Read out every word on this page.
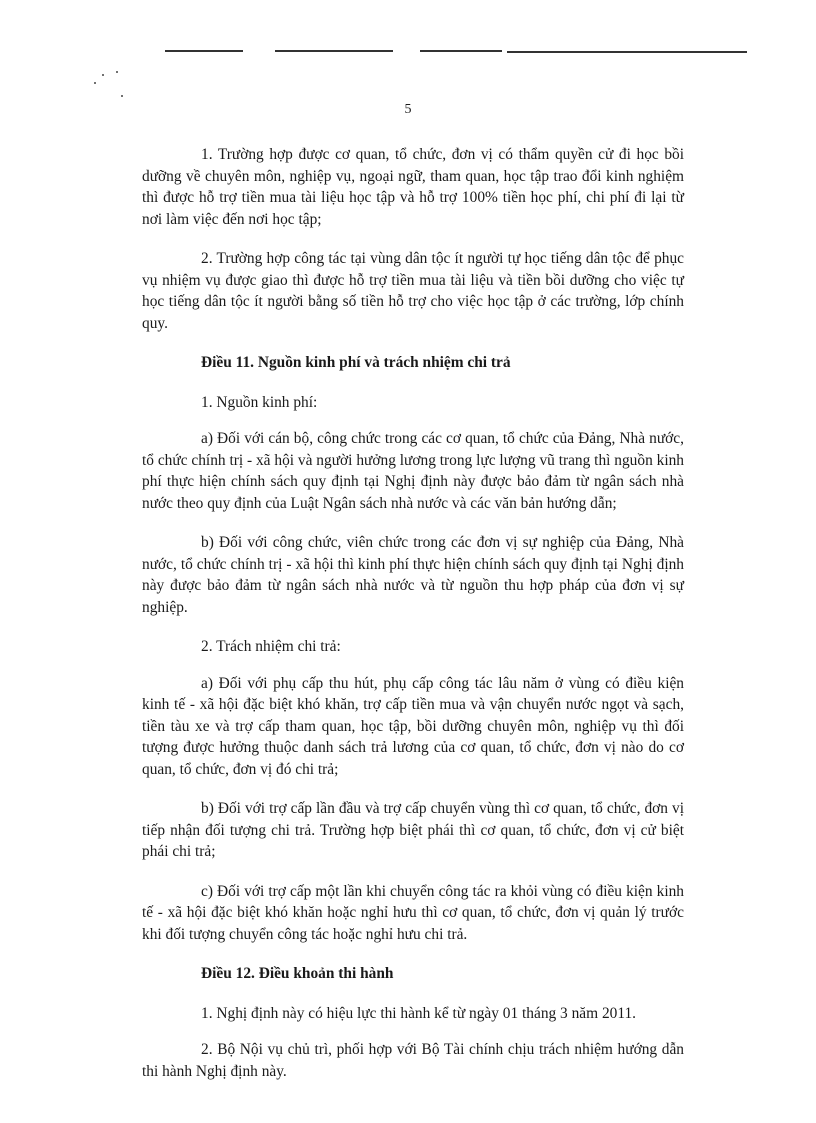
5

1. Trường hợp được cơ quan, tổ chức, đơn vị có thẩm quyền cử đi học bồi dưỡng về chuyên môn, nghiệp vụ, ngoại ngữ, tham quan, học tập trao đổi kinh nghiệm thì được hỗ trợ tiền mua tài liệu học tập và hỗ trợ 100% tiền học phí, chi phí đi lại từ nơi làm việc đến nơi học tập;

2. Trường hợp công tác tại vùng dân tộc ít người tự học tiếng dân tộc để phục vụ nhiệm vụ được giao thì được hỗ trợ tiền mua tài liệu và tiền bồi dưỡng cho việc tự học tiếng dân tộc ít người bằng số tiền hỗ trợ cho việc học tập ở các trường, lớp chính quy.

Điều 11. Nguồn kinh phí và trách nhiệm chi trả

1. Nguồn kinh phí:

a) Đối với cán bộ, công chức trong các cơ quan, tổ chức của Đảng, Nhà nước, tổ chức chính trị - xã hội và người hưởng lương trong lực lượng vũ trang thì nguồn kinh phí thực hiện chính sách quy định tại Nghị định này được bảo đảm từ ngân sách nhà nước theo quy định của Luật Ngân sách nhà nước và các văn bản hướng dẫn;

b) Đối với công chức, viên chức trong các đơn vị sự nghiệp của Đảng, Nhà nước, tổ chức chính trị - xã hội thì kinh phí thực hiện chính sách quy định tại Nghị định này được bảo đảm từ ngân sách nhà nước và từ nguồn thu hợp pháp của đơn vị sự nghiệp.

2. Trách nhiệm chi trả:

a) Đối với phụ cấp thu hút, phụ cấp công tác lâu năm ở vùng có điều kiện kinh tế - xã hội đặc biệt khó khăn, trợ cấp tiền mua và vận chuyển nước ngọt và sạch, tiền tàu xe và trợ cấp tham quan, học tập, bồi dưỡng chuyên môn, nghiệp vụ thì đối tượng được hưởng thuộc danh sách trả lương của cơ quan, tổ chức, đơn vị nào do cơ quan, tổ chức, đơn vị đó chi trả;

b) Đối với trợ cấp lần đầu và trợ cấp chuyển vùng thì cơ quan, tổ chức, đơn vị tiếp nhận đối tượng chi trả. Trường hợp biệt phái thì cơ quan, tổ chức, đơn vị cử biệt phái chi trả;

c) Đối với trợ cấp một lần khi chuyển công tác ra khỏi vùng có điều kiện kinh tế - xã hội đặc biệt khó khăn hoặc nghỉ hưu thì cơ quan, tổ chức, đơn vị quản lý trước khi đối tượng chuyển công tác hoặc nghỉ hưu chi trả.

Điều 12. Điều khoản thi hành

1. Nghị định này có hiệu lực thi hành kể từ ngày 01 tháng 3 năm 2011.

2. Bộ Nội vụ chủ trì, phối hợp với Bộ Tài chính chịu trách nhiệm hướng dẫn thi hành Nghị định này.
